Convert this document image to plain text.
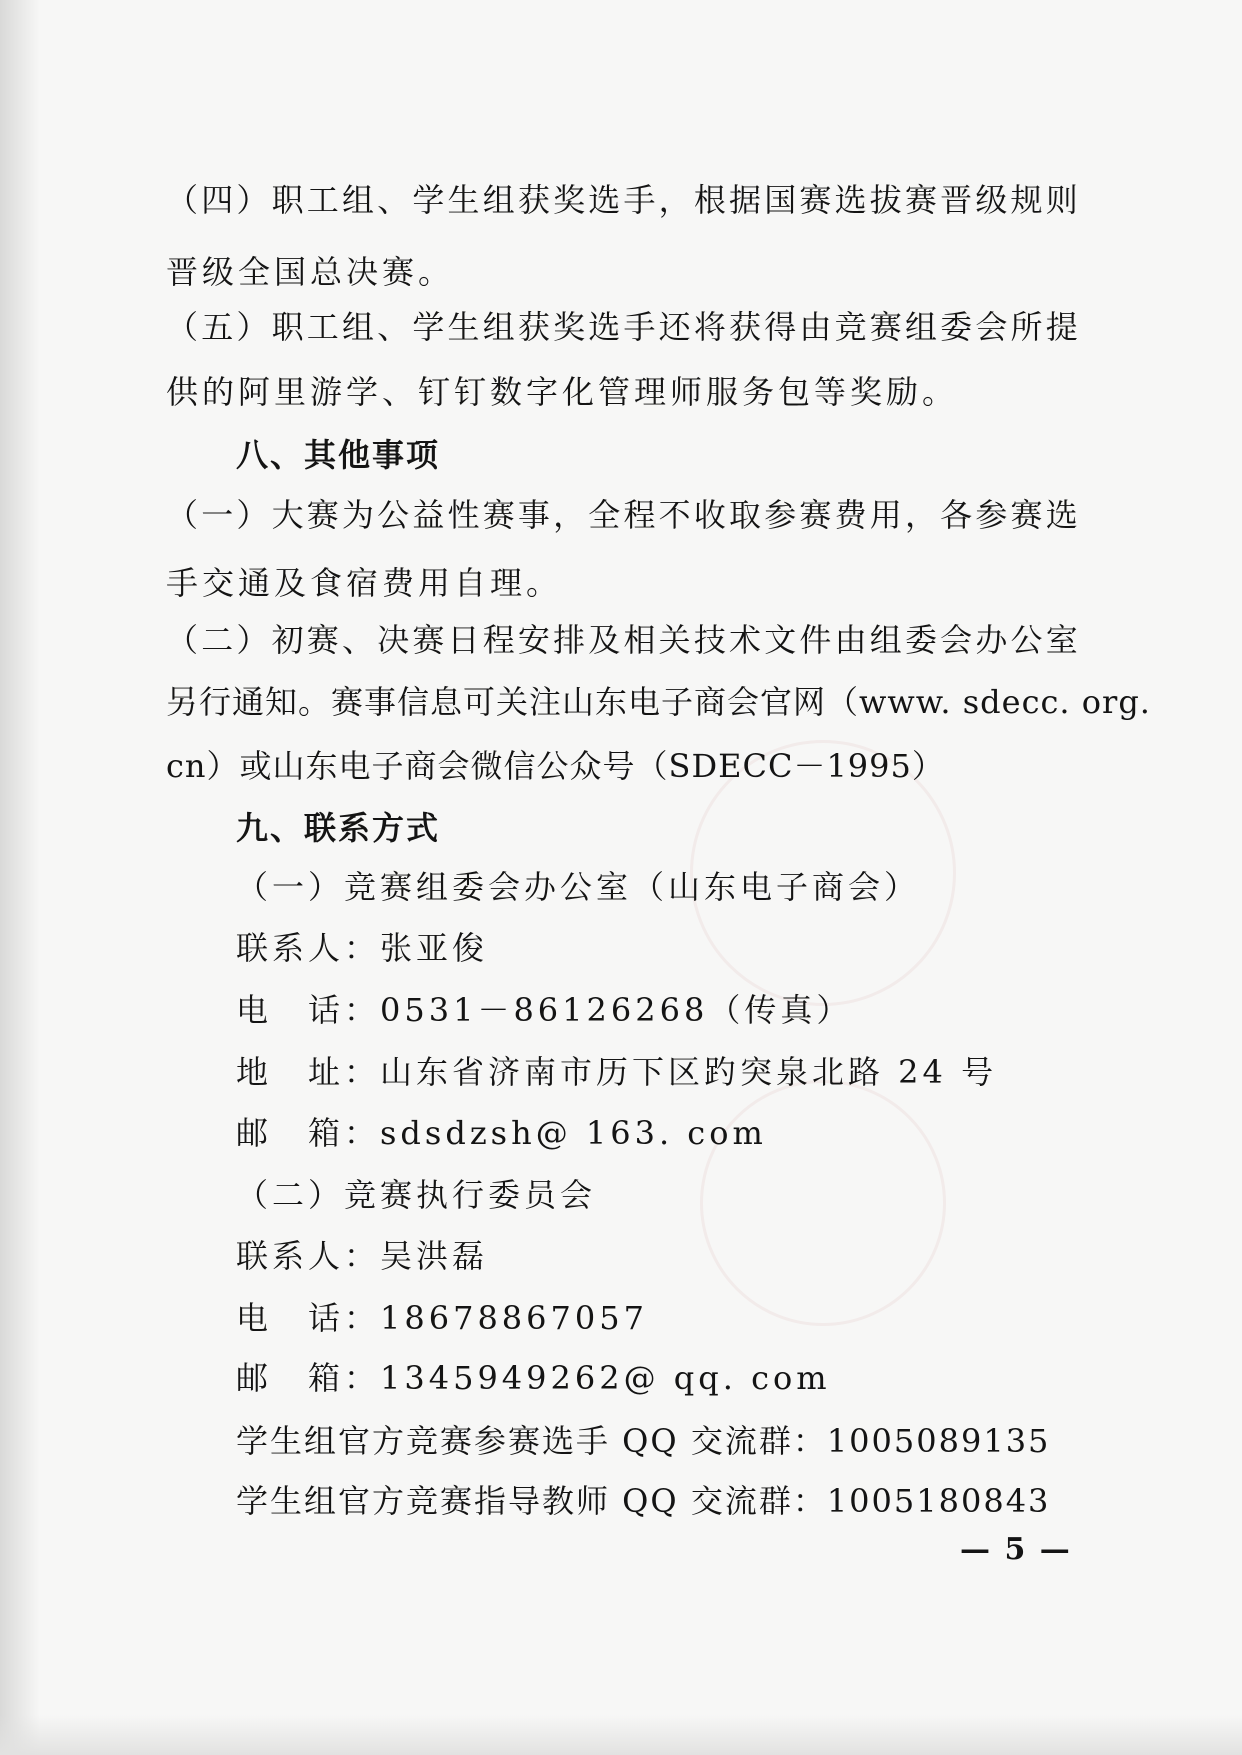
（ 四 ） 职 工 组 、 学 生 组 获 奖 选 手 ， 根 据 国 赛 选 拔 赛 晋 级 规 则
晋级全国总决赛。
（ 五 ） 职 工 组 、 学 生 组 获 奖 选 手 还 将 获 得 由 竞 赛 组 委 会 所 提
供的阿里游学、钉钉数字化管理师服务包等奖励。
八、其他事项
（ 一 ） 大 赛 为 公 益 性 赛 事 ， 全 程 不 收 取 参 赛 费 用 ， 各 参 赛 选
手交通及食宿费用自理。
（ 二 ） 初 赛 、 决 赛 日 程 安 排 及 相 关 技 术 文 件 由 组 委 会 办 公 室
另行通知。赛事信息可关注山东电子商会官网（www. sdecc. org.
cn）或山东电子商会微信公众号（SDECC－1995）
九、联系方式
（一）竞赛组委会办公室（山东电子商会）
联系人：张亚俊
电　话：0531－86126268（传真）
地　址：山东省济南市历下区趵突泉北路 24 号
邮　箱：sdsdzsh@ 163. com
（二）竞赛执行委员会
联系人：吴洪磊
电　话：18678867057
邮　箱：1345949262@ qq. com
学生组官方竞赛参赛选手 QQ 交流群：1005089135
学生组官方竞赛指导教师 QQ 交流群：1005180843
— 5 —
